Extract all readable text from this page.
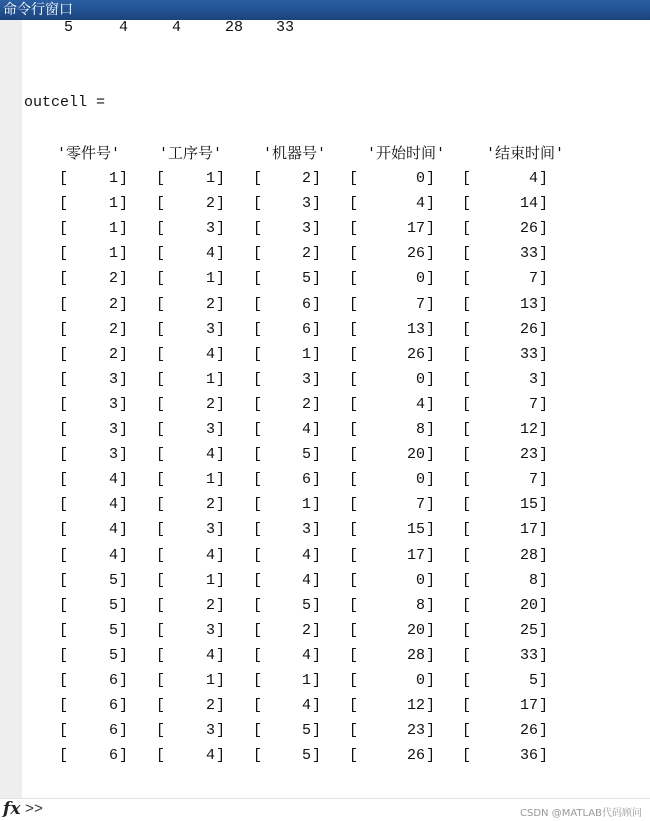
命令行窗口
5	4	4	28	33
outcell =
'零件号'	'工序号'	'机器号'	'开始时间'	'结束时间'
[	1 ] [	1 ] [	2 ] [	0 ] [	4 ]
[	1 ] [	2 ] [	3 ] [	4 ] [	14 ]
[	1 ] [	3 ] [	3 ] [	17 ] [	26 ]
[	1 ] [	4 ] [	2 ] [	26 ] [	33 ]
[	2 ] [	1 ] [	5 ] [	0 ] [	7 ]
[	2 ] [	2 ] [	6 ] [	7 ] [	13 ]
[	2 ] [	3 ] [	6 ] [	13 ] [	26 ]
[	2 ] [	4 ] [	1 ] [	26 ] [	33 ]
[	3 ] [	1 ] [	3 ] [	0 ] [	3 ]
[	3 ] [	2 ] [	2 ] [	4 ] [	7 ]
[	3 ] [	3 ] [	4 ] [	8 ] [	12 ]
[	3 ] [	4 ] [	5 ] [	20 ] [	23 ]
[	4 ] [	1 ] [	6 ] [	0 ] [	7 ]
[	4 ] [	2 ] [	1 ] [	7 ] [	15 ]
[	4 ] [	3 ] [	3 ] [	15 ] [	17 ]
[	4 ] [	4 ] [	4 ] [	17 ] [	28 ]
[	5 ] [	1 ] [	4 ] [	0 ] [	8 ]
[	5 ] [	2 ] [	5 ] [	8 ] [	20 ]
[	5 ] [	3 ] [	2 ] [	20 ] [	25 ]
[	5 ] [	4 ] [	4 ] [	28 ] [	33 ]
[	6 ] [	1 ] [	1 ] [	0 ] [	5 ]
[	6 ] [	2 ] [	4 ] [	12 ] [	17 ]
[	6 ] [	3 ] [	5 ] [	23 ] [	26 ]
[	6 ] [	4 ] [	5 ] [	26 ] [	36 ]
fx >>	CSDN @MATLAB代码顾问
